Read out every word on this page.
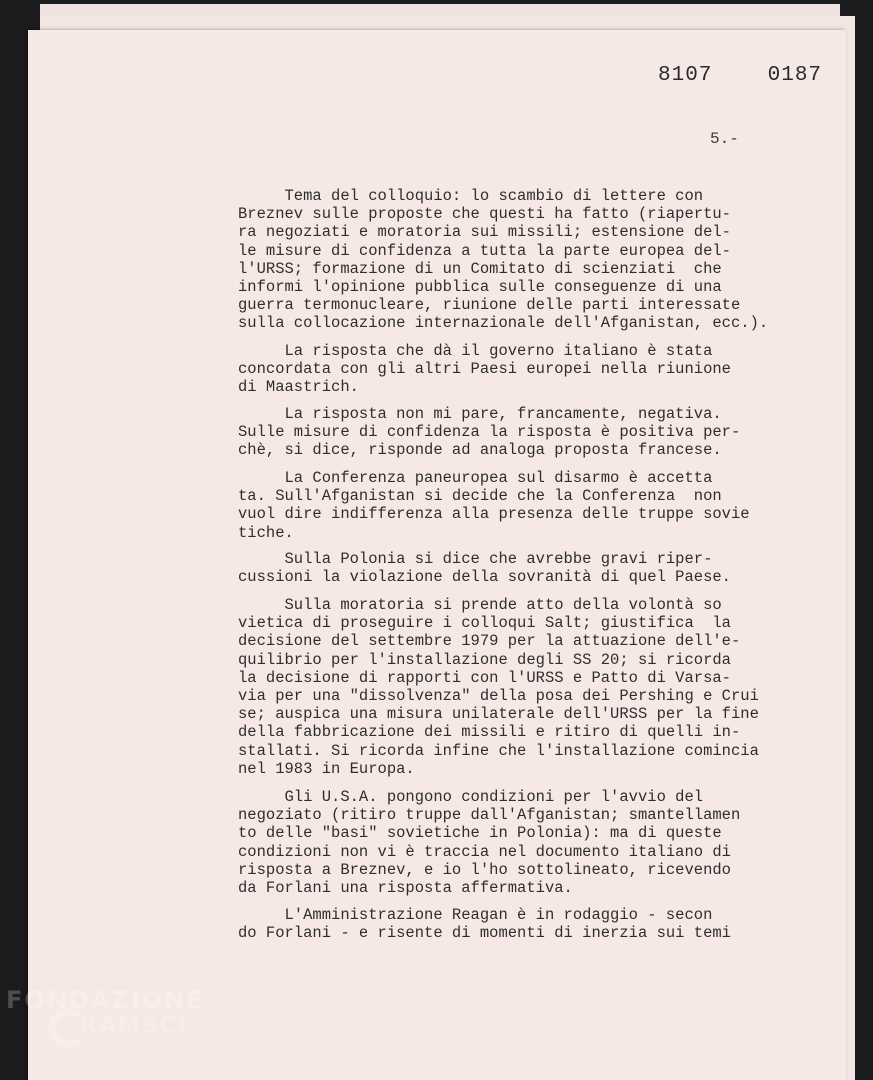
8107  0187
5.-
Tema del colloquio: lo scambio di lettere con
Breznev sulle proposte che questi ha fatto (riapertu-
ra negoziati e moratoria sui missili; estensione del-
le misure di confidenza a tutta la parte europea del-
l'URSS; formazione di un Comitato di scienziati  che
informi l'opinione pubblica sulle conseguenze di una
guerra termonucleare, riunione delle parti interessate
sulla collocazione internazionale dell'Afganistan, ecc.).
La risposta che dà il governo italiano è stata
concordata con gli altri Paesi europei nella riunione
di Maastrich.
La risposta non mi pare, francamente, negativa.
Sulle misure di confidenza la risposta è positiva per-
chè, si dice, risponde ad analoga proposta francese.
La Conferenza paneuropea sul disarmo è accetta
ta. Sull'Afganistan si decide che la Conferenza  non
vuol dire indifferenza alla presenza delle truppe sovie
tiche.
Sulla Polonia si dice che avrebbe gravi riper-
cussioni la violazione della sovranità di quel Paese.
Sulla moratoria si prende atto della volontà so
vietica di proseguire i colloqui Salt; giustifica  la
decisione del settembre 1979 per la attuazione dell'e-
quilibrio per l'installazione degli SS 20; si ricorda
la decisione di rapporti con l'URSS e Patto di Varsa-
via per una "dissolvenza" della posa dei Pershing e Crui
se; auspica una misura unilaterale dell'URSS per la fine
della fabbricazione dei missili e ritiro di quelli in-
stallati. Si ricorda infine che l'installazione comincia
nel 1983 in Europa.
Gli U.S.A. pongono condizioni per l'avvio del
negoziato (ritiro truppe dall'Afganistan; smantellamen
to delle "basi" sovietiche in Polonia): ma di queste
condizioni non vi è traccia nel documento italiano di
risposta a Breznev, e io l'ho sottolineato, ricevendo
da Forlani una risposta affermativa.
L'Amministrazione Reagan è in rodaggio - secon
do Forlani - e risente di momenti di inerzia sui temi
FONDAZIONE
RAMSCI
onlus
